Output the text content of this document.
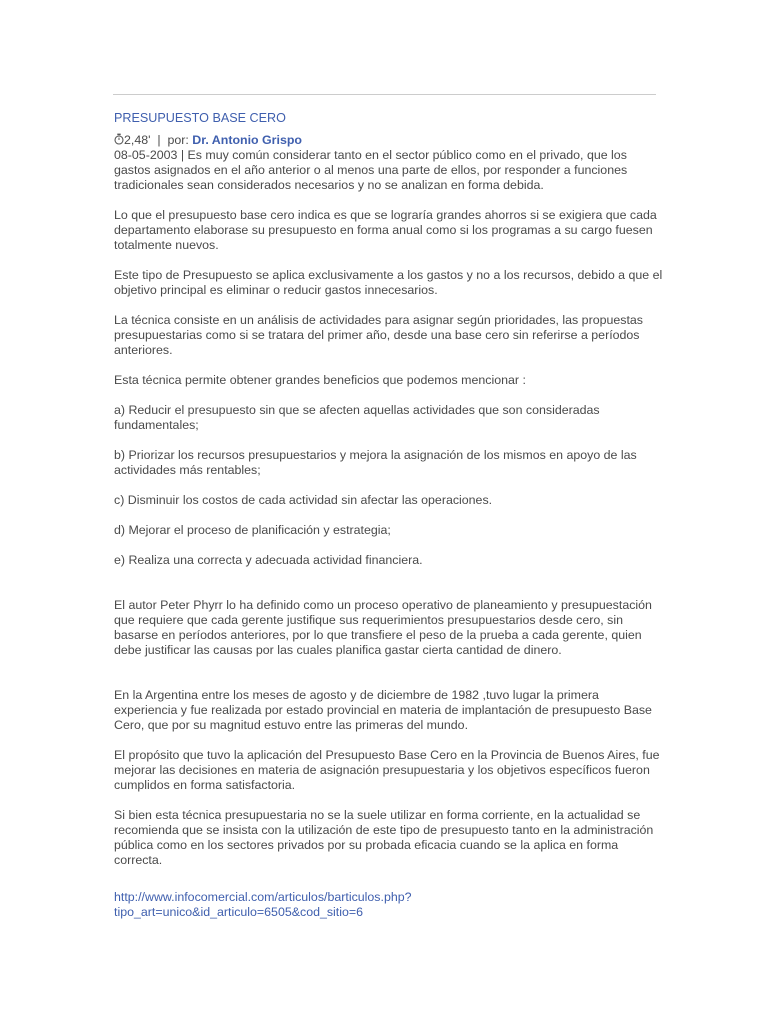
PRESUPUESTO BASE CERO
2,48' | por: Dr. Antonio Grispo

08-05-2003 | Es muy común considerar tanto en el sector público como en el privado, que los gastos asignados en el año anterior o al menos una parte de ellos, por responder a funciones tradicionales sean considerados necesarios y no se analizan en forma debida.

Lo que el presupuesto base cero indica es que se lograría grandes ahorros si se exigiera que cada departamento elaborase su presupuesto en forma anual como si los programas a su cargo fuesen totalmente nuevos.

Este tipo de Presupuesto se aplica exclusivamente a los gastos y no a los recursos, debido a que el objetivo principal es eliminar o reducir gastos innecesarios.

La técnica consiste en un análisis de actividades para asignar según prioridades, las propuestas presupuestarias como si se tratara del primer año, desde una base cero sin referirse a períodos anteriores.

Esta técnica permite obtener grandes beneficios que podemos mencionar :

a) Reducir el presupuesto sin que se afecten aquellas actividades que son consideradas fundamentales;

b) Priorizar los recursos presupuestarios y mejora la asignación de los mismos en apoyo de las actividades más rentables;

c) Disminuir los costos de cada actividad sin afectar las operaciones.

d) Mejorar el proceso de planificación y estrategia;

e) Realiza una correcta y adecuada actividad financiera.

El autor Peter Phyrr lo ha definido como un proceso operativo de planeamiento y presupuestación que requiere que cada gerente justifique sus requerimientos presupuestarios desde cero, sin basarse en períodos anteriores, por lo que transfiere el peso de la prueba a cada gerente, quien debe justificar las causas por las cuales planifica gastar cierta cantidad de dinero.

En la Argentina entre los meses de agosto y de diciembre de 1982 ,tuvo lugar la primera experiencia y fue realizada por estado provincial en materia de implantación de presupuesto Base Cero, que por su magnitud estuvo entre las primeras del mundo.

El propósito que tuvo la aplicación del Presupuesto Base Cero en la Provincia de Buenos Aires, fue mejorar las decisiones en materia de asignación presupuestaria y los objetivos específicos fueron cumplidos en forma satisfactoria.

Si bien esta técnica presupuestaria no se la suele utilizar en forma corriente, en la actualidad se recomienda que se insista con la utilización de este tipo de presupuesto tanto en la administración pública como en los sectores privados por su probada eficacia cuando se la aplica en forma correcta.

http://www.infocomercial.com/articulos/barticulos.php?tipo_art=unico&id_articulo=6505&cod_sitio=6
